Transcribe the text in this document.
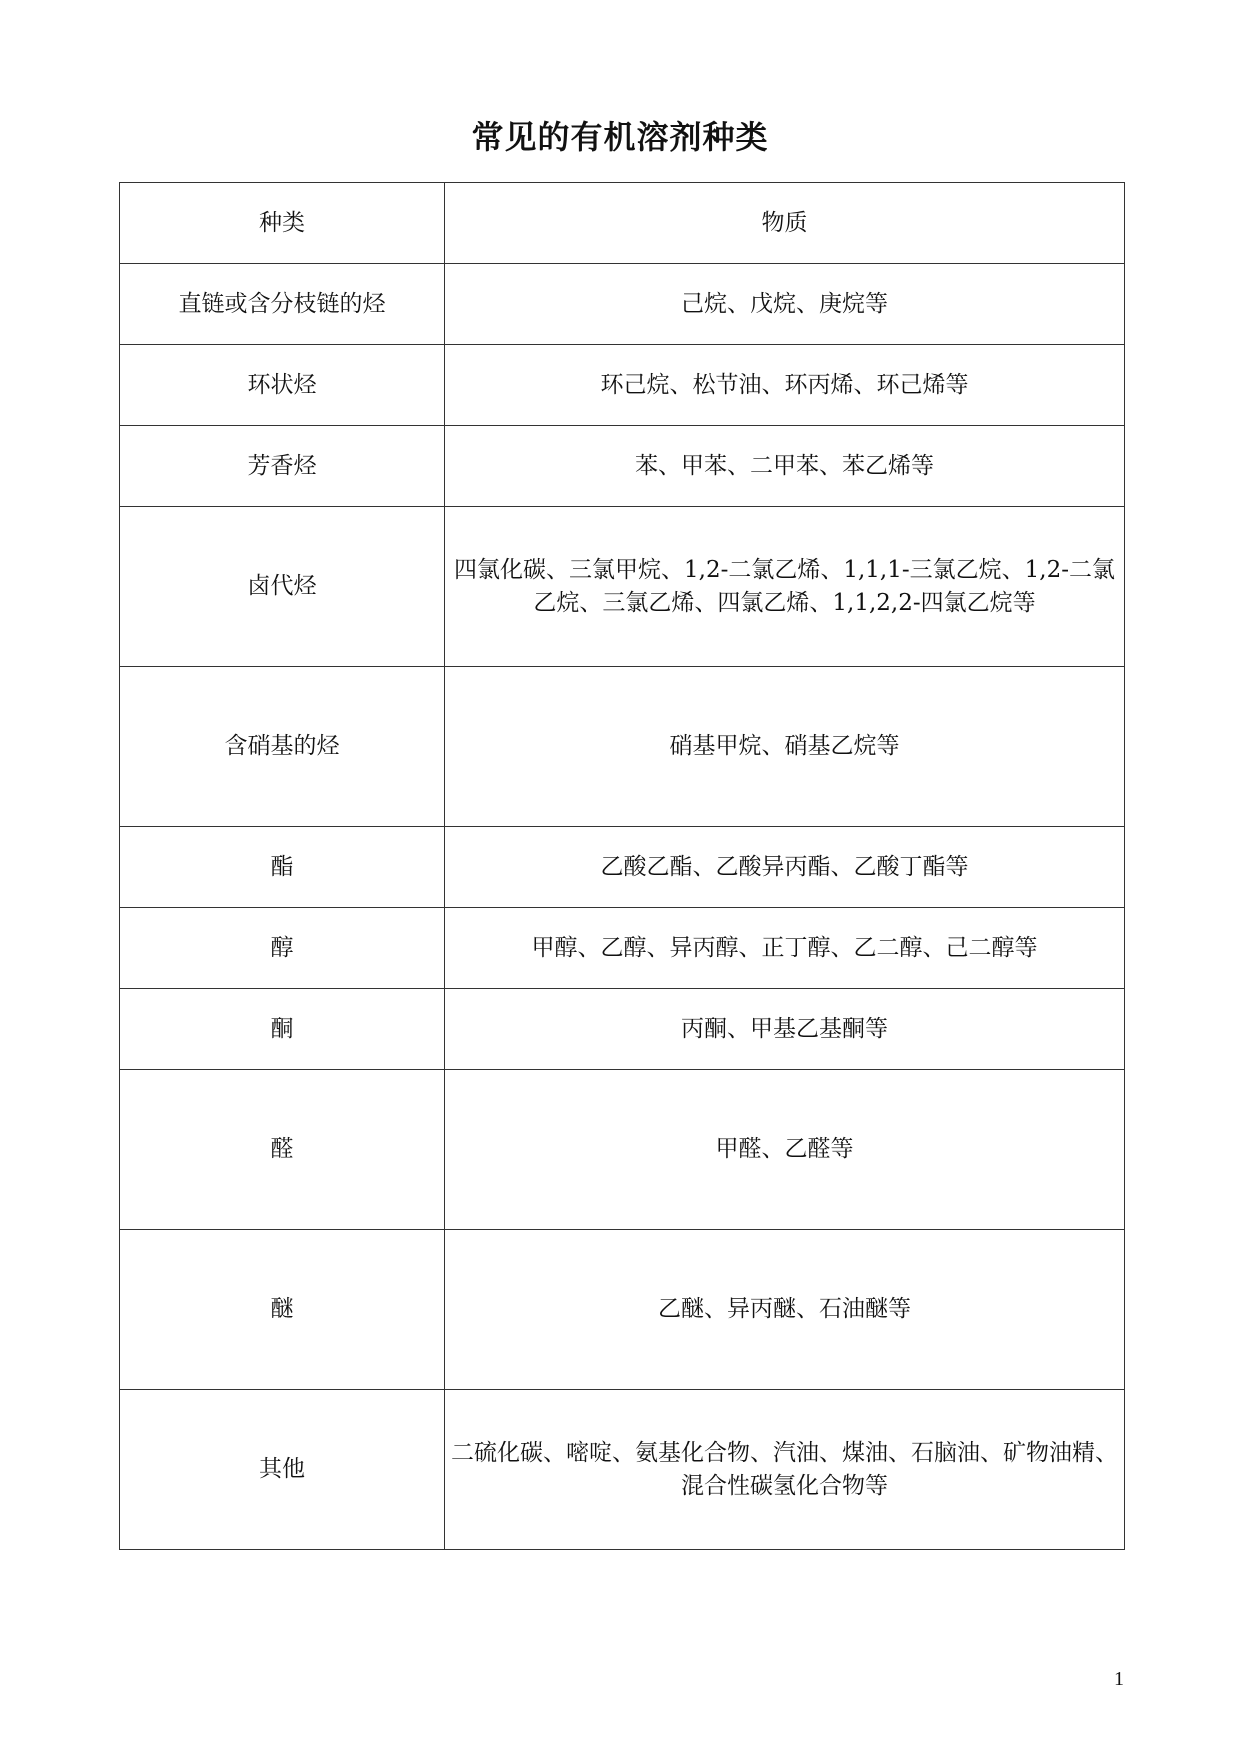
常见的有机溶剂种类
种类	物质
直链或含分枝链的烃	己烷、戊烷、庚烷等
环状烃	环己烷、松节油、环丙烯、环己烯等
芳香烃	苯、甲苯、二甲苯、苯乙烯等
卤代烃	四氯化碳、三氯甲烷、1,2-二氯乙烯、1,1,1-三氯乙烷、1,2-二氯乙烷、三氯乙烯、四氯乙烯、1,1,2,2-四氯乙烷等
含硝基的烃	硝基甲烷、硝基乙烷等
酯	乙酸乙酯、乙酸异丙酯、乙酸丁酯等
醇	甲醇、乙醇、异丙醇、正丁醇、乙二醇、己二醇等
酮	丙酮、甲基乙基酮等
醛	甲醛、乙醛等
醚	乙醚、异丙醚、石油醚等
其他	二硫化碳、嘧啶、氨基化合物、汽油、煤油、石脑油、矿物油精、混合性碳氢化合物等
1
